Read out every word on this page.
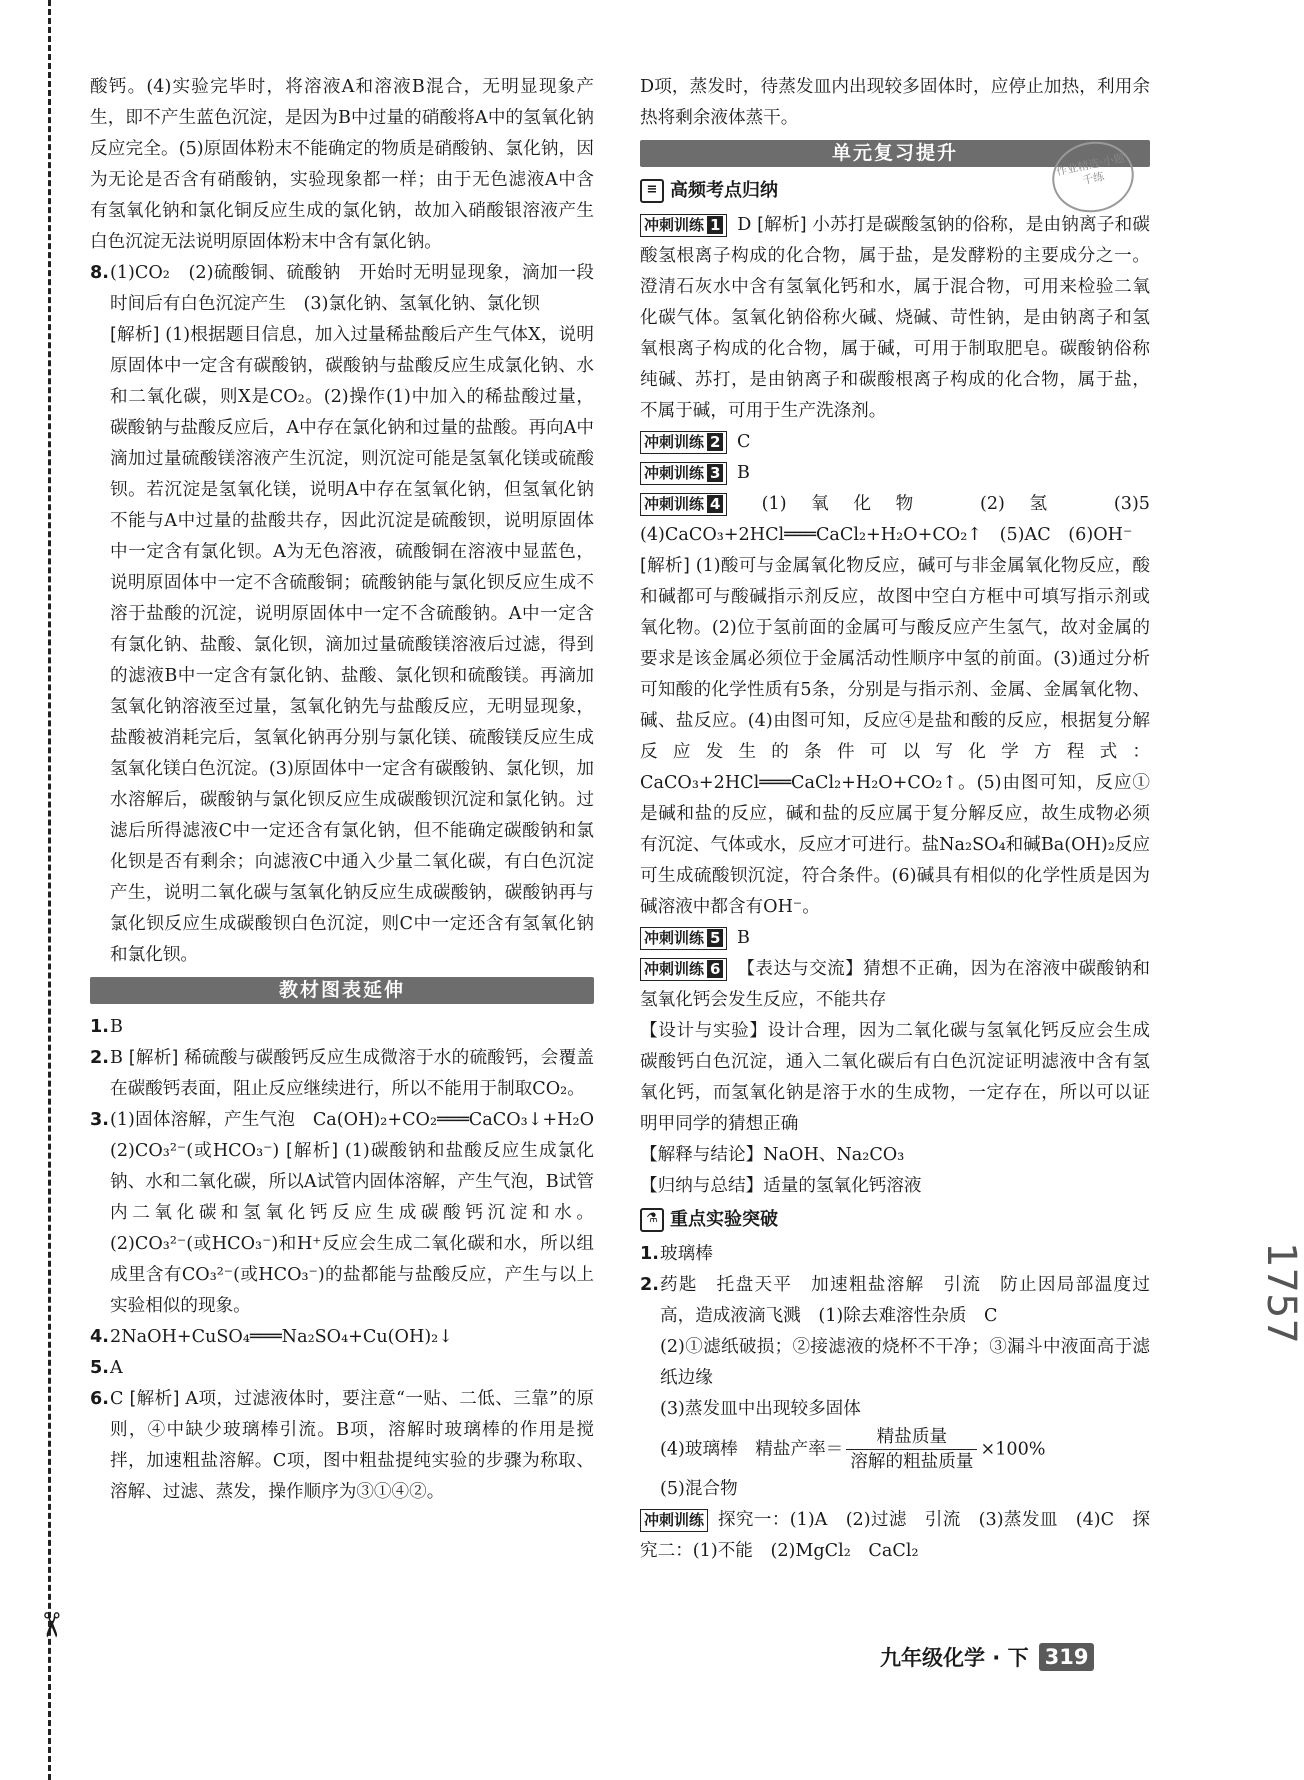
✂

酸钙。(4)实验完毕时，将溶液A和溶液B混合，无明显现象产生，即不产生蓝色沉淀，是因为B中过量的硝酸将A中的氢氧化钠反应完全。(5)原固体粉末不能确定的物质是硝酸钠、氯化钠，因为无论是否含有硝酸钠，实验现象都一样；由于无色滤液A中含有氢氧化钠和氯化铜反应生成的氯化钠，故加入硝酸银溶液产生白色沉淀无法说明原固体粉末中含有氯化钠。

8. (1)CO₂　(2)硫酸铜、硫酸钠　开始时无明显现象，滴加一段时间后有白色沉淀产生　(3)氯化钠、氢氧化钠、氯化钡

[解析] (1)根据题目信息，加入过量稀盐酸后产生气体X，说明原固体中一定含有碳酸钠，碳酸钠与盐酸反应生成氯化钠、水和二氧化碳，则X是CO₂。(2)操作(1)中加入的稀盐酸过量，碳酸钠与盐酸反应后，A中存在氯化钠和过量的盐酸。再向A中滴加过量硫酸镁溶液产生沉淀，则沉淀可能是氢氧化镁或硫酸钡。若沉淀是氢氧化镁，说明A中存在氢氧化钠，但氢氧化钠不能与A中过量的盐酸共存，因此沉淀是硫酸钡，说明原固体中一定含有氯化钡。A为无色溶液，硫酸铜在溶液中显蓝色，说明原固体中一定不含硫酸铜；硫酸钠能与氯化钡反应生成不溶于盐酸的沉淀，说明原固体中一定不含硫酸钠。A中一定含有氯化钠、盐酸、氯化钡，滴加过量硫酸镁溶液后过滤，得到的滤液B中一定含有氯化钠、盐酸、氯化钡和硫酸镁。再滴加氢氧化钠溶液至过量，氢氧化钠先与盐酸反应，无明显现象，盐酸被消耗完后，氢氧化钠再分别与氯化镁、硫酸镁反应生成氢氧化镁白色沉淀。(3)原固体中一定含有碳酸钠、氯化钡，加水溶解后，碳酸钠与氯化钡反应生成碳酸钡沉淀和氯化钠。过滤后所得滤液C中一定还含有氯化钠，但不能确定碳酸钠和氯化钡是否有剩余；向滤液C中通入少量二氧化碳，有白色沉淀产生，说明二氧化碳与氢氧化钠反应生成碳酸钠，碳酸钠再与氯化钡反应生成碳酸钡白色沉淀，则C中一定还含有氢氧化钠和氯化钡。

教材图表延伸
1. B
2. B [解析] 稀硫酸与碳酸钙反应生成微溶于水的硫酸钙，会覆盖在碳酸钙表面，阻止反应继续进行，所以不能用于制取CO₂。

3. (1)固体溶解，产生气泡　Ca(OH)₂+CO₂═══CaCO₃↓+H₂O　(2)CO₃²⁻(或HCO₃⁻) [解析] (1)碳酸钠和盐酸反应生成氯化钠、水和二氧化碳，所以A试管内固体溶解，产生气泡，B试管内二氧化碳和氢氧化钙反应生成碳酸钙沉淀和水。(2)CO₃²⁻(或HCO₃⁻)和H⁺反应会生成二氧化碳和水，所以组成里含有CO₃²⁻(或HCO₃⁻)的盐都能与盐酸反应，产生与以上实验相似的现象。

4. 2NaOH+CuSO₄═══Na₂SO₄+Cu(OH)₂↓
5. A
6. C [解析] A项，过滤液体时，要注意“一贴、二低、三靠”的原则，④中缺少玻璃棒引流。B项，溶解时玻璃棒的作用是搅拌，加速粗盐溶解。C项，图中粗盐提纯实验的步骤为称取、溶解、过滤、蒸发，操作顺序为③①④②。

D项，蒸发时，待蒸发皿内出现较多固体时，应停止加热，利用余热将剩余液体蒸干。

单元复习提升
≡ 高频考点归纳

冲刺训练 1 D [解析] 小苏打是碳酸氢钠的俗称，是由钠离子和碳酸氢根离子构成的化合物，属于盐，是发酵粉的主要成分之一。澄清石灰水中含有氢氧化钙和水，属于混合物，可用来检验二氧化碳气体。氢氧化钠俗称火碱、烧碱、苛性钠，是由钠离子和氢氧根离子构成的化合物，属于碱，可用于制取肥皂。碳酸钠俗称纯碱、苏打，是由钠离子和碳酸根离子构成的化合物，属于盐，不属于碱，可用于生产洗涤剂。

冲刺训练 2 C

冲刺训练 3 B

冲刺训练 4 (1)氧化物　(2)氢　(3)5　(4)CaCO₃+2HCl═══CaCl₂+H₂O+CO₂↑　(5)AC　(6)OH⁻

[解析] (1)酸可与金属氧化物反应，碱可与非金属氧化物反应，酸和碱都可与酸碱指示剂反应，故图中空白方框中可填写指示剂或氧化物。(2)位于氢前面的金属可与酸反应产生氢气，故对金属的要求是该金属必须位于金属活动性顺序中氢的前面。(3)通过分析可知酸的化学性质有5条，分别是与指示剂、金属、金属氧化物、碱、盐反应。(4)由图可知，反应④是盐和酸的反应，根据复分解反应发生的条件可以写化学方程式：CaCO₃+2HCl═══CaCl₂+H₂O+CO₂↑。(5)由图可知，反应①是碱和盐的反应，碱和盐的反应属于复分解反应，故生成物必须有沉淀、气体或水，反应才可进行。盐Na₂SO₄和碱Ba(OH)₂反应可生成硫酸钡沉淀，符合条件。(6)碱具有相似的化学性质是因为碱溶液中都含有OH⁻。

冲刺训练 5 B

冲刺训练 6 【表达与交流】猜想不正确，因为在溶液中碳酸钠和氢氧化钙会发生反应，不能共存

【设计与实验】设计合理，因为二氧化碳与氢氧化钙反应会生成碳酸钙白色沉淀，通入二氧化碳后有白色沉淀证明滤液中含有氢氧化钙，而氢氧化钠是溶于水的生成物，一定存在，所以可以证明甲同学的猜想正确

【解释与结论】NaOH、Na₂CO₃

【归纳与总结】适量的氢氧化钙溶液

⚗ 重点实验突破
1. 玻璃棒
2. 药匙　托盘天平　加速粗盐溶解　引流　防止因局部温度过高，造成液滴飞溅　(1)除去难溶性杂质　C

(2)①滤纸破损；②接滤液的烧杯不干净；③漏斗中液面高于滤纸边缘

(3)蒸发皿中出现较多固体

(4)玻璃棒　精盐产率＝ $\frac{\text{精盐质量}}{\text{溶解的粗盐质量}} \times 100\%$

(5)混合物

冲刺训练 探究一：(1)A　(2)过滤　引流　(3)蒸发皿　(4)C　探究二：(1)不能　(2)MgCl₂　CaCl₂

作业精选·小题千练
1757
九年级化学 · 下 319
